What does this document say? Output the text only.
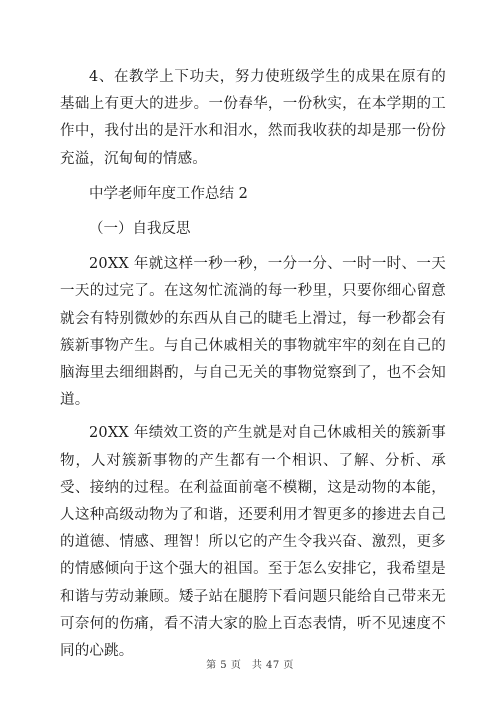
4、在教学上下功夫，努力使班级学生的成果在原有的基础上有更大的进步。一份春华，一份秋实，在本学期的工作中，我付出的是汗水和泪水，然而我收获的却是那一份份充溢，沉甸甸的情感。

中学老师年度工作总结 2

（一）自我反思

20XX 年就这样一秒一秒，一分一分、一时一时、一天一天的过完了。在这匆忙流淌的每一秒里，只要你细心留意就会有特别微妙的东西从自己的睫毛上滑过，每一秒都会有簇新事物产生。与自己休戚相关的事物就牢牢的刻在自己的脑海里去细细斟酌，与自己无关的事物觉察到了，也不会知道。

20XX 年绩效工资的产生就是对自己休戚相关的簇新事物，人对簇新事物的产生都有一个相识、了解、分析、承受、接纳的过程。在利益面前毫不模糊，这是动物的本能，人这种高级动物为了和谐，还要利用才智更多的掺进去自己的道德、情感、理智！所以它的产生令我兴奋、激烈，更多的情感倾向于这个强大的祖国。至于怎么安排它，我希望是和谐与劳动兼顾。矮子站在腿胯下看问题只能给自己带来无可奈何的伤痛，看不清大家的脸上百态表情，听不见速度不同的心跳。

第 5 页　共 47 页
